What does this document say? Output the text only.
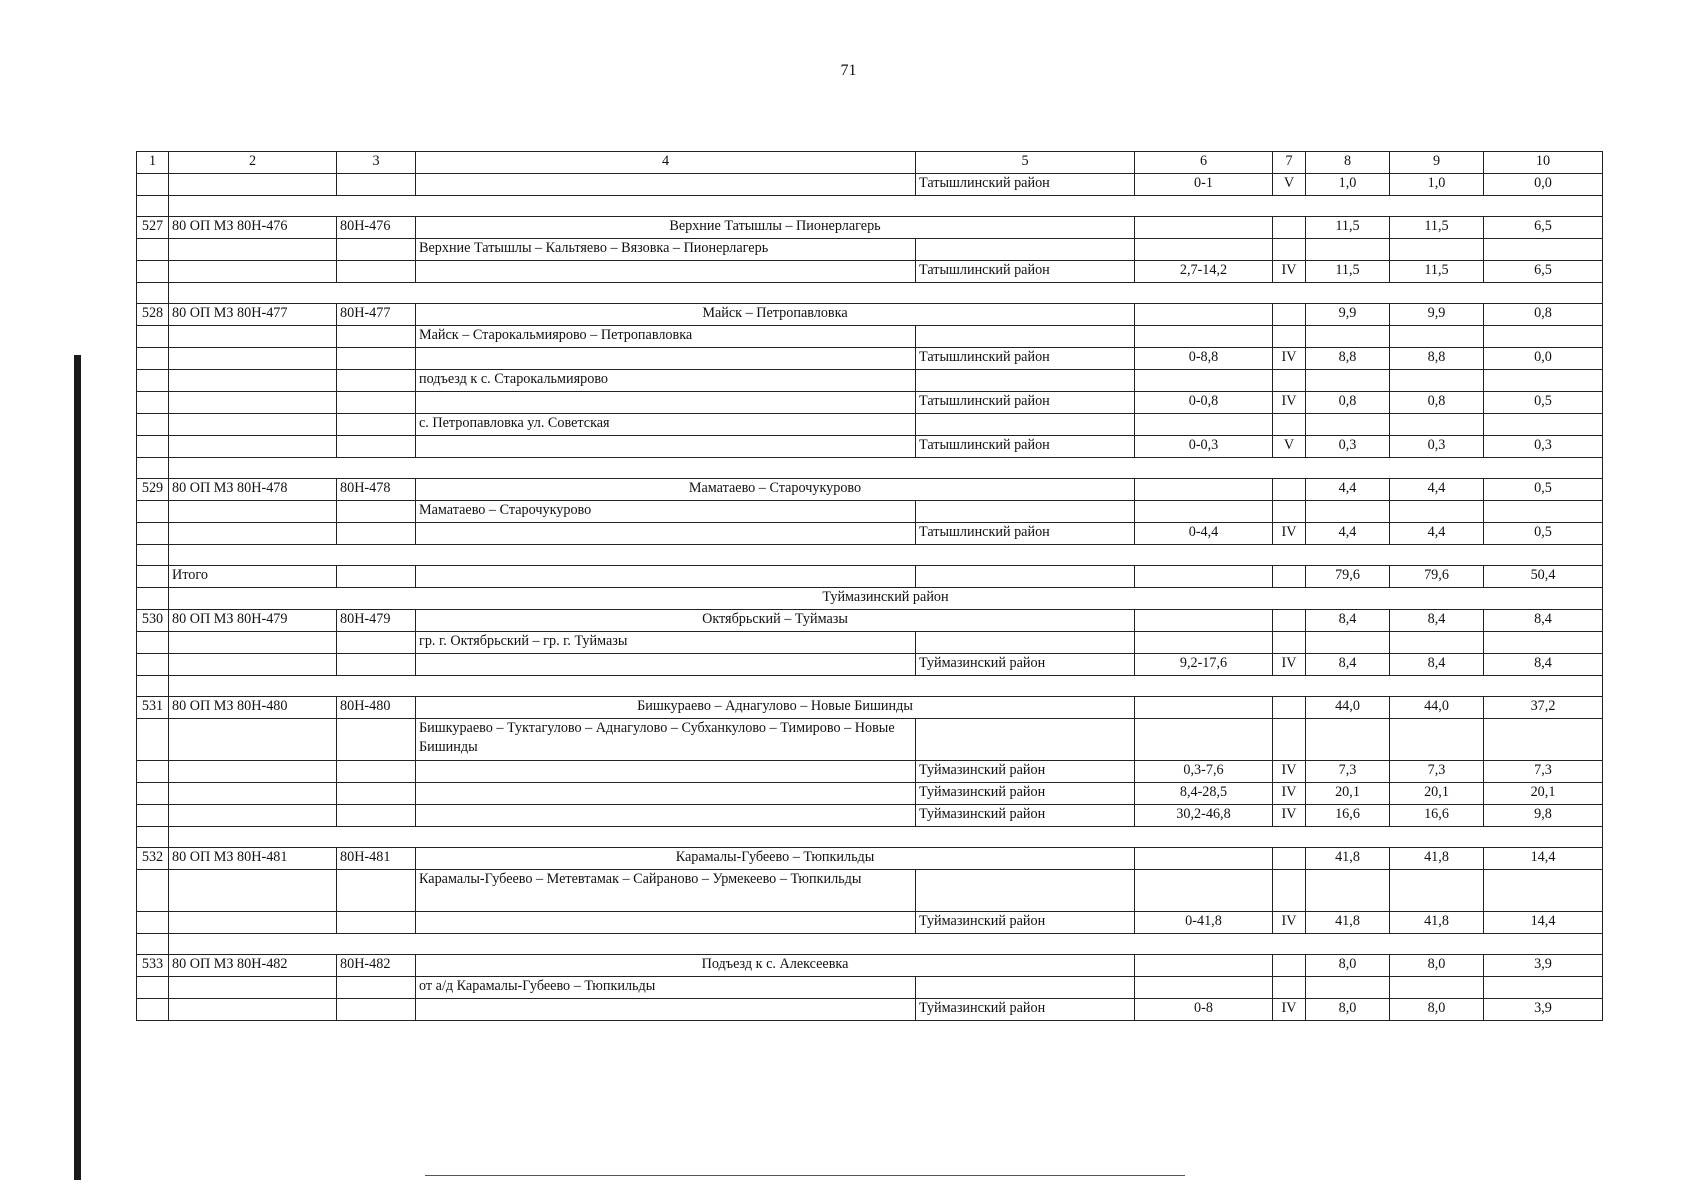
71
1	2	3	4	5	6	7	8	9	10
				Татышлинский район	0-1	V	1,0	1,0	0,0

527	80 ОП МЗ 80Н-476	80Н-476	Верхние Татышлы – Пионерлагерь				11,5	11,5	6,5
			Верхние Татышлы – Кальтяево – Вязовка – Пионерлагерь						
				Татышлинский район	2,7-14,2	IV	11,5	11,5	6,5

528	80 ОП МЗ 80Н-477	80Н-477	Майск – Петропавловка				9,9	9,9	0,8
			Майск – Старокальмиярово – Петропавловка						
				Татышлинский район	0-8,8	IV	8,8	8,8	0,0
			подъезд к с. Старокальмиярово						
				Татышлинский район	0-0,8	IV	0,8	0,8	0,5
			с. Петропавловка ул. Советская						
				Татышлинский район	0-0,3	V	0,3	0,3	0,3

529	80 ОП МЗ 80Н-478	80Н-478	Маматаево – Старочукурово				4,4	4,4	0,5
			Маматаево – Старочукурово						
				Татышлинский район	0-4,4	IV	4,4	4,4	0,5

	Итого						79,6	79,6	50,4
	Туймазинский район								
530	80 ОП МЗ 80Н-479	80Н-479	Октябрьский – Туймазы				8,4	8,4	8,4
			гр. г. Октябрьский – гр. г. Туймазы						
				Туймазинский район	9,2-17,6	IV	8,4	8,4	8,4

531	80 ОП МЗ 80Н-480	80Н-480	Бишкураево – Аднагулово – Новые Бишинды				44,0	44,0	37,2
			Бишкураево – Туктагулово – Аднагулово – Субханкулово – Тимирово – Новые Бишинды						
				Туймазинский район	0,3-7,6	IV	7,3	7,3	7,3
				Туймазинский район	8,4-28,5	IV	20,1	20,1	20,1
				Туймазинский район	30,2-46,8	IV	16,6	16,6	9,8

532	80 ОП МЗ 80Н-481	80Н-481	Карамалы-Губеево – Тюпкильды				41,8	41,8	14,4
			Карамалы-Губеево – Метевтамак – Сайраново – Урмекеево – Тюпкильды						
				Туймазинский район	0-41,8	IV	41,8	41,8	14,4

533	80 ОП МЗ 80Н-482	80Н-482	Подъезд к с. Алексеевка				8,0	8,0	3,9
			от а/д Карамалы-Губеево – Тюпкильды						
				Туймазинский район	0-8	IV	8,0	8,0	3,9
